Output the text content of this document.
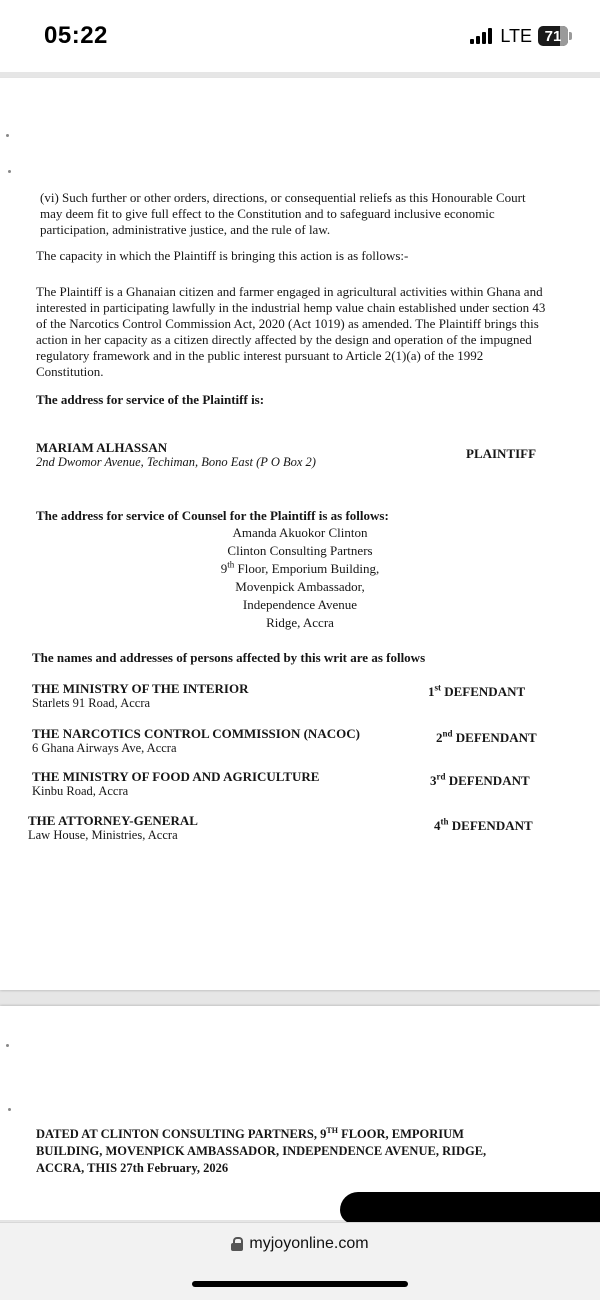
05:22	LTE 71
(vi) Such further or other orders, directions, or consequential reliefs as this Honourable Court may deem fit to give full effect to the Constitution and to safeguard inclusive economic participation, administrative justice, and the rule of law.
The capacity in which the Plaintiff is bringing this action is as follows:-
The Plaintiff is a Ghanaian citizen and farmer engaged in agricultural activities within Ghana and interested in participating lawfully in the industrial hemp value chain established under section 43 of the Narcotics Control Commission Act, 2020 (Act 1019) as amended. The Plaintiff brings this action in her capacity as a citizen directly affected by the design and operation of the impugned regulatory framework and in the public interest pursuant to Article 2(1)(a) of the 1992 Constitution.
The address for service of the Plaintiff is:
MARIAM ALHASSAN
2nd Dwomor Avenue, Techiman, Bono East (P O Box 2)
PLAINTIFF
The address for service of Counsel for the Plaintiff is as follows:
Amanda Akuokor Clinton
Clinton Consulting Partners
9th Floor, Emporium Building,
Movenpick Ambassador,
Independence Avenue
Ridge, Accra
The names and addresses of persons affected by this writ are as follows
THE MINISTRY OF THE INTERIOR
Starlets 91 Road, Accra
1st DEFENDANT
THE NARCOTICS CONTROL COMMISSION (NACOC)
6 Ghana Airways Ave, Accra
2nd DEFENDANT
THE MINISTRY OF FOOD AND AGRICULTURE
Kinbu Road, Accra
3rd DEFENDANT
THE ATTORNEY-GENERAL
Law House, Ministries, Accra
4th DEFENDANT
DATED AT CLINTON CONSULTING PARTNERS, 9TH FLOOR, EMPORIUM BUILDING, MOVENPICK AMBASSADOR, INDEPENDENCE AVENUE, RIDGE, ACCRA, THIS 27th February, 2026
myjoyonline.com
